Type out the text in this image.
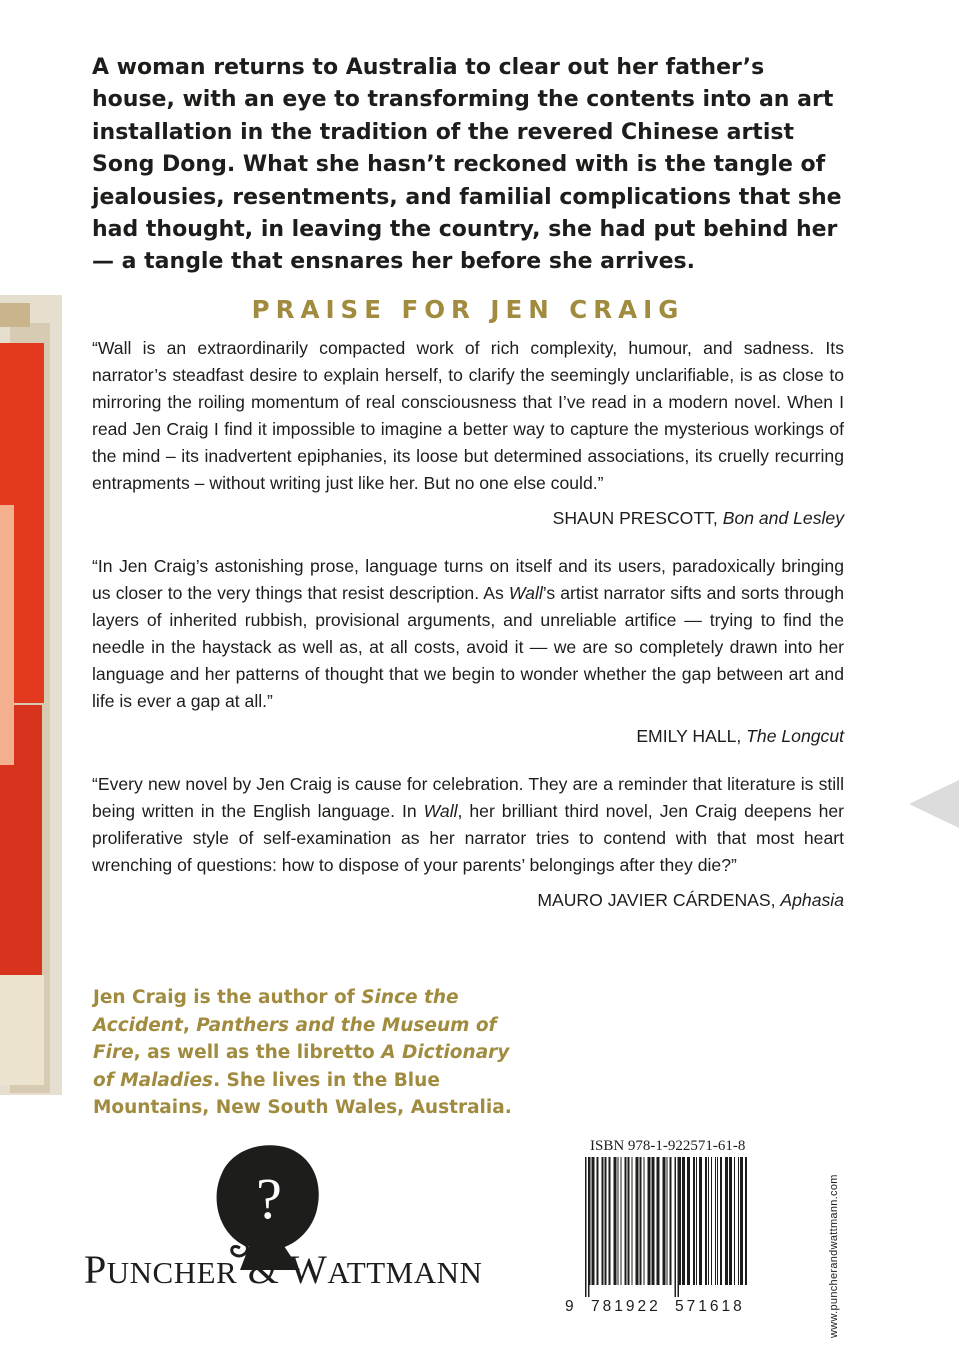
A woman returns to Australia to clear out her father’s house, with an eye to transforming the contents into an art installation in the tradition of the revered Chinese artist Song Dong. What she hasn’t reckoned with is the tangle of jealousies, resentments, and familial complications that she had thought, in leaving the country, she had put behind her — a tangle that ensnares her before she arrives.

PRAISE FOR JEN CRAIG

“Wall is an extraordinarily compacted work of rich complexity, humour, and sadness. Its narrator’s steadfast desire to explain herself, to clarify the seemingly unclarifiable, is as close to mirroring the roiling momentum of real consciousness that I’ve read in a modern novel. When I read Jen Craig I find it impossible to imagine a better way to capture the mysterious workings of the mind – its inadvertent epiphanies, its loose but determined associations, its cruelly recurring entrapments – without writing just like her. But no one else could.”

SHAUN PRESCOTT, Bon and Lesley

“In Jen Craig’s astonishing prose, language turns on itself and its users, paradoxically bringing us closer to the very things that resist description. As Wall’s artist narrator sifts and sorts through layers of inherited rubbish, provisional arguments, and unreliable artifice — trying to find the needle in the haystack as well as, at all costs, avoid it — we are so completely drawn into her language and her patterns of thought that we begin to wonder whether the gap between art and life is ever a gap at all.”

EMILY HALL, The Longcut

“Every new novel by Jen Craig is cause for celebration. They are a reminder that literature is still being written in the English language. In Wall, her brilliant third novel, Jen Craig deepens her proliferative style of self-examination as her narrator tries to contend with that most heart wrenching of questions: how to dispose of your parents’ belongings after they die?”

MAURO JAVIER CÁRDENAS, Aphasia

Jen Craig is the author of Since the Accident, Panthers and the Museum of Fire, as well as the libretto A Dictionary of Maladies. She lives in the Blue Mountains, New South Wales, Australia.

?

PUNCHER & WATTMANN

ISBN 978-1-922571-61-8

9 781922 571618	www.puncherandwattmann.com
